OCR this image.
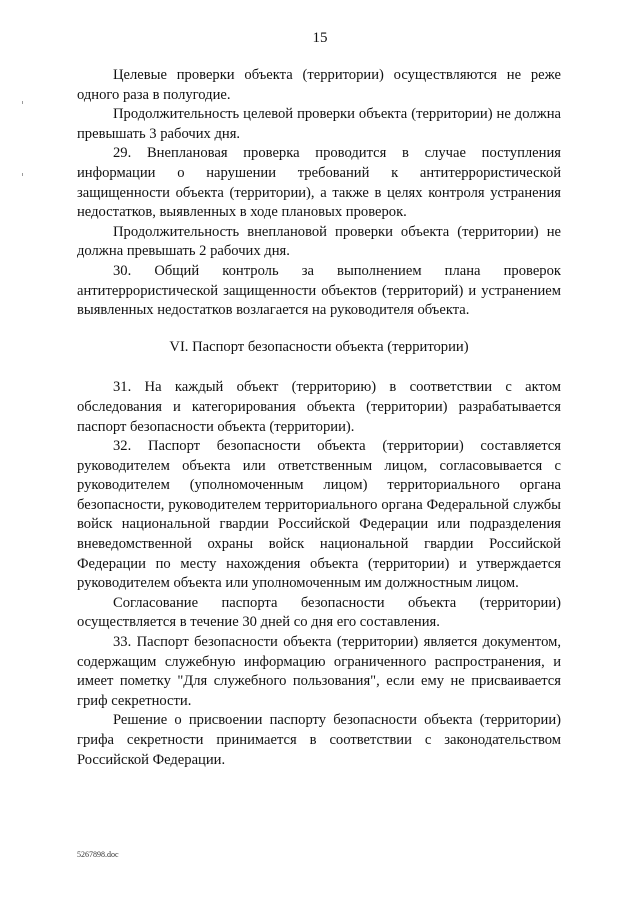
15

Целевые проверки объекта (территории) осуществляются не реже одного раза в полугодие.

Продолжительность целевой проверки объекта (территории) не должна превышать 3 рабочих дня.

29. Внеплановая проверка проводится в случае поступления информации о нарушении требований к антитеррористической защищенности объекта (территории), а также в целях контроля устранения недостатков, выявленных в ходе плановых проверок.

Продолжительность внеплановой проверки объекта (территории) не должна превышать 2 рабочих дня.

30. Общий контроль за выполнением плана проверок антитеррористической защищенности объектов (территорий) и устранением выявленных недостатков возлагается на руководителя объекта.

VI. Паспорт безопасности объекта (территории)

31. На каждый объект (территорию) в соответствии с актом обследования и категорирования объекта (территории) разрабатывается паспорт безопасности объекта (территории).

32. Паспорт безопасности объекта (территории) составляется руководителем объекта или ответственным лицом, согласовывается с руководителем (уполномоченным лицом) территориального органа безопасности, руководителем территориального органа Федеральной службы войск национальной гвардии Российской Федерации или подразделения вневедомственной охраны войск национальной гвардии Российской Федерации по месту нахождения объекта (территории) и утверждается руководителем объекта или уполномоченным им должностным лицом.

Согласование паспорта безопасности объекта (территории) осуществляется в течение 30 дней со дня его составления.

33. Паспорт безопасности объекта (территории) является документом, содержащим служебную информацию ограниченного распространения, и имеет пометку "Для служебного пользования", если ему не присваивается гриф секретности.

Решение о присвоении паспорту безопасности объекта (территории) грифа секретности принимается в соответствии с законодательством Российской Федерации.

5267898.doc
